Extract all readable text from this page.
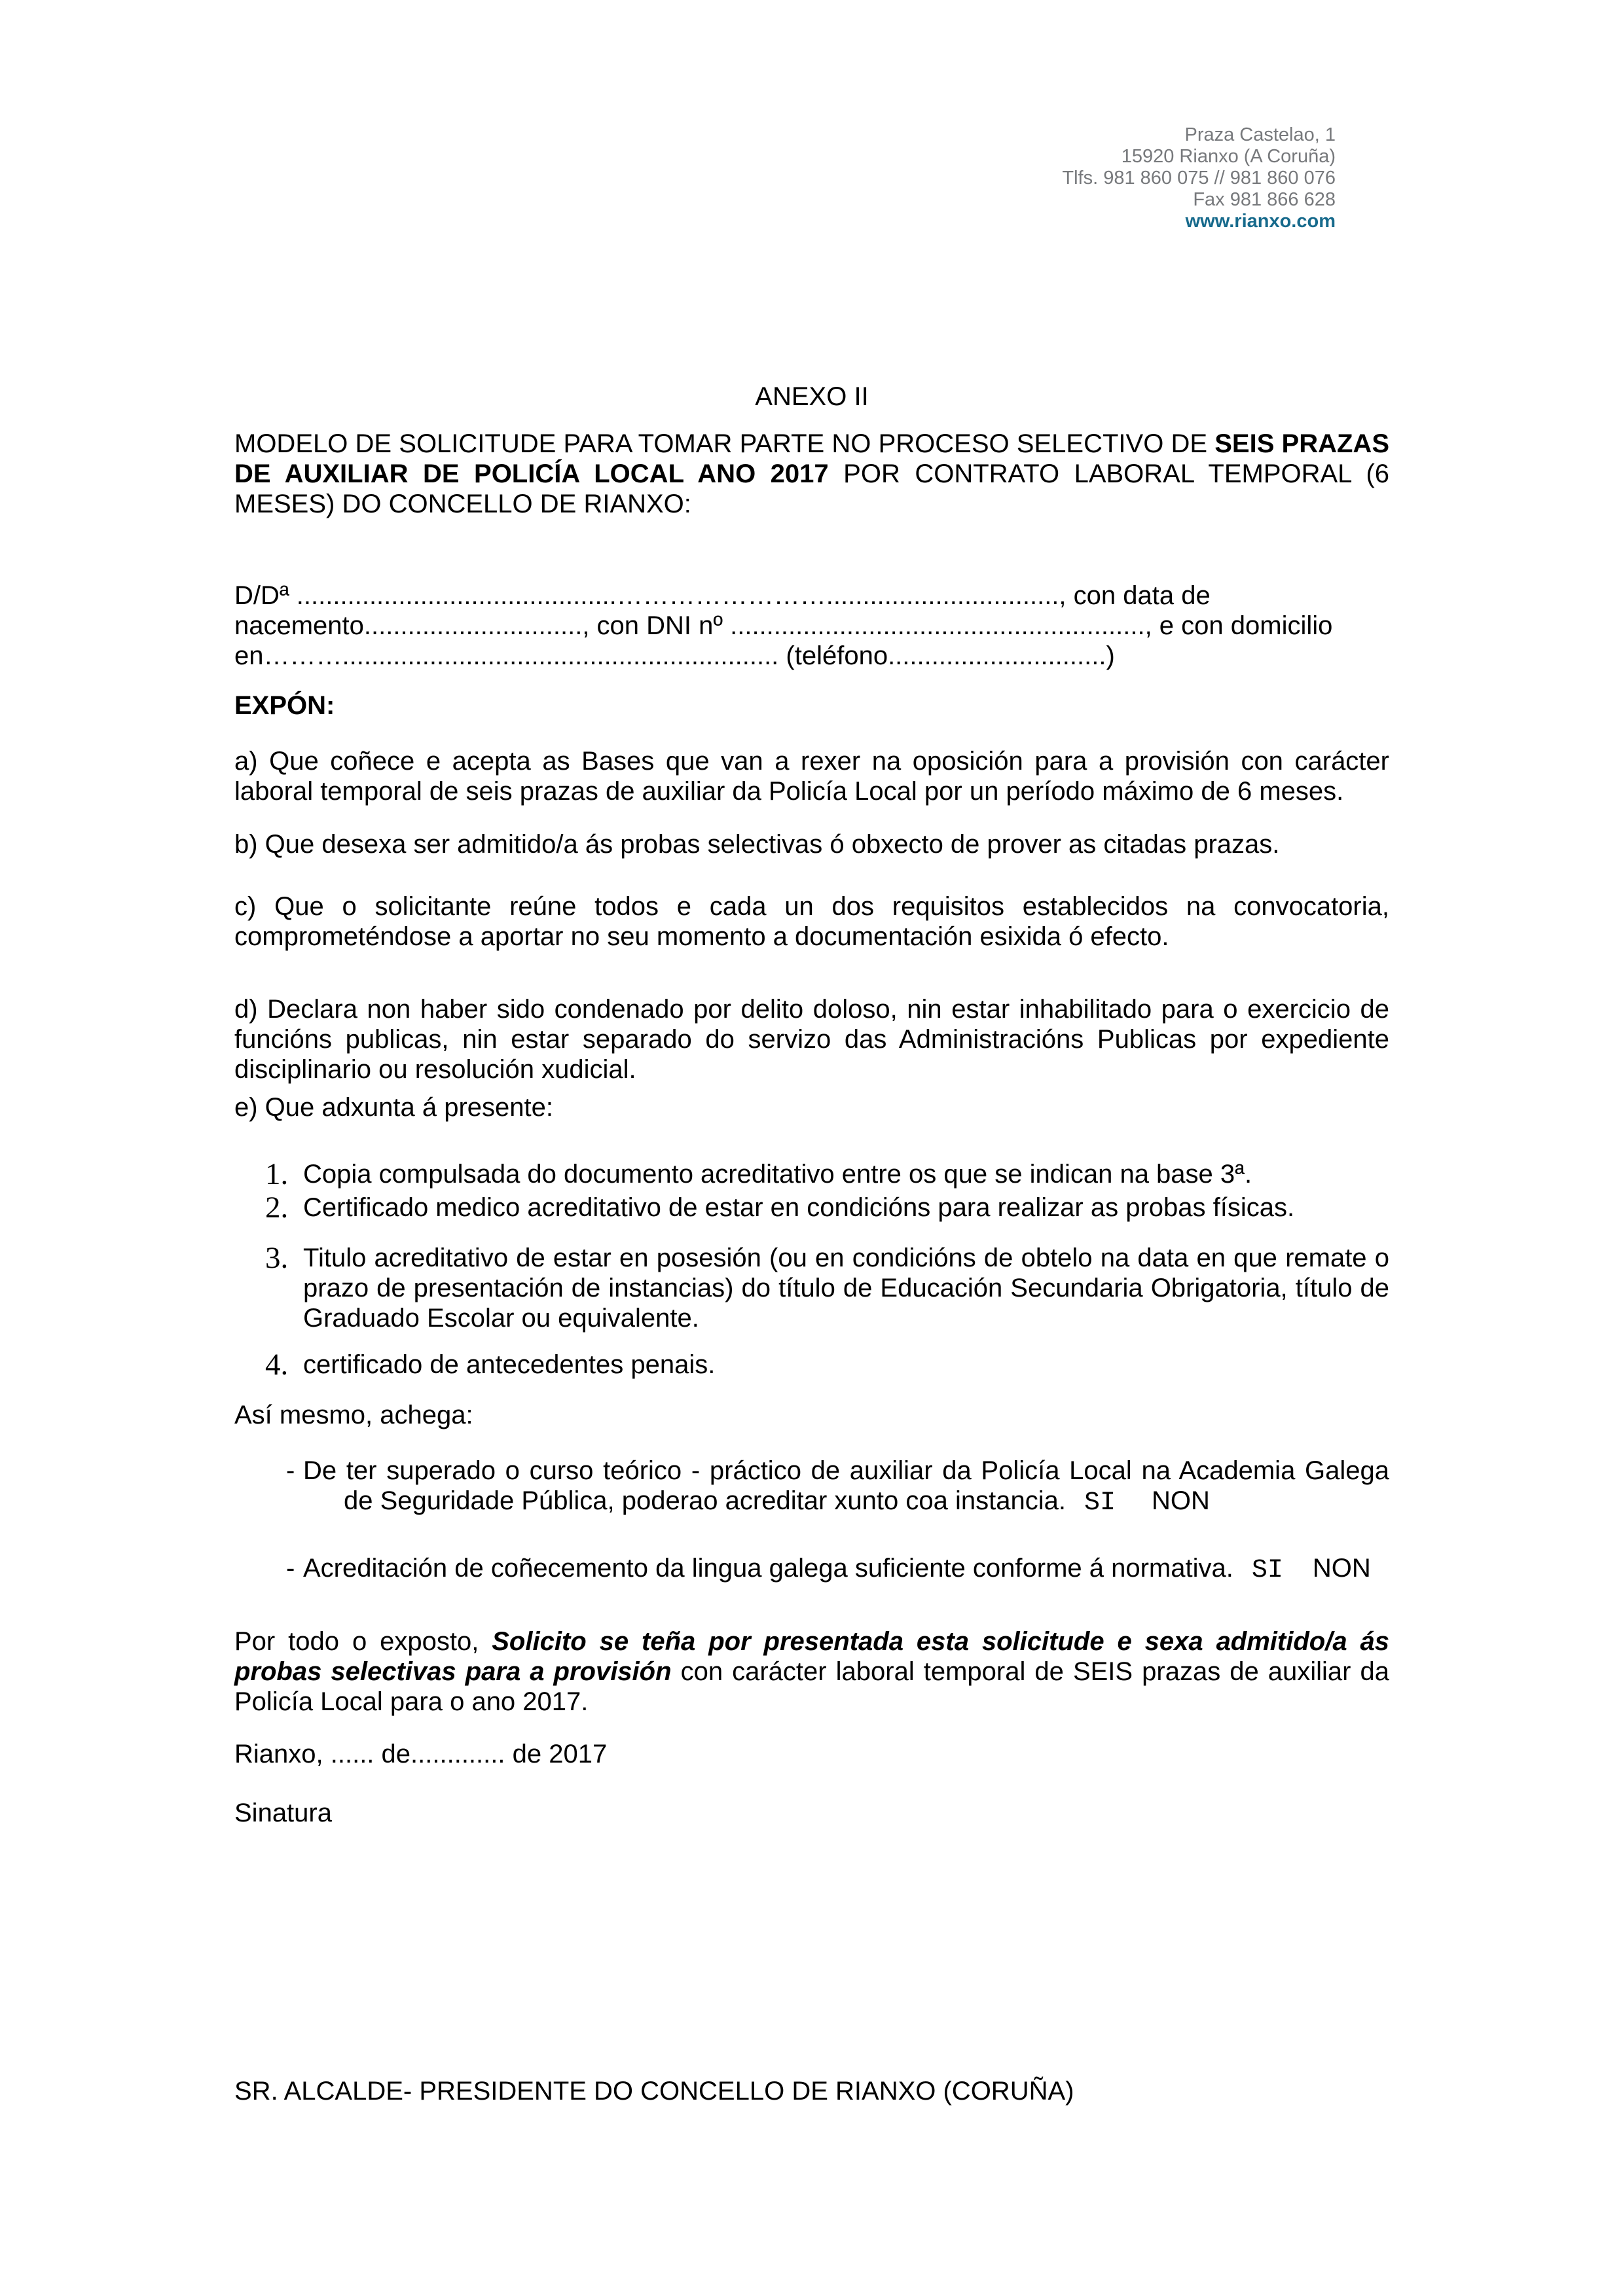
Praza Castelao, 1
15920 Rianxo (A Coruña)
Tlfs. 981 860 075 // 981 860 076
Fax 981 866 628
www.rianxo.com
ANEXO II

MODELO DE SOLICITUDE PARA TOMAR PARTE NO PROCESO SELECTIVO DE SEIS PRAZAS DE AUXILIAR DE POLICÍA LOCAL ANO 2017 POR CONTRATO LABORAL TEMPORAL (6 MESES) DO CONCELLO DE RIANXO:

D/Dª ............................................……………………................................, con data de
nacemento.............................., con DNI nº ........................................................., e con domicilio
en………............................................................ (teléfono..............................)
EXPÓN:

a) Que coñece e acepta as Bases que van a rexer na oposición para a provisión con carácter laboral temporal de seis prazas de auxiliar da Policía Local por un período máximo de 6 meses.

b) Que desexa ser admitido/a ás probas selectivas ó obxecto de prover as citadas prazas.

c) Que o solicitante reúne todos e cada un dos requisitos establecidos na convocatoria, comprometéndose a aportar no seu momento a documentación esixida ó efecto.

d) Declara non haber sido condenado por delito doloso, nin estar inhabilitado para o exercicio de funcións publicas, nin estar separado do servizo das Administracións Publicas por expediente disciplinario ou resolución xudicial.

e) Que adxunta á presente:

1. Copia compulsada do documento acreditativo entre os que se indican na base 3ª.
2. Certificado medico acreditativo de estar en condicións para realizar as probas físicas.
3. Titulo acreditativo de estar en posesión (ou en condicións de obtelo na data en que remate o prazo de presentación de instancias) do título de Educación Secundaria Obrigatoria, título de Graduado Escolar ou equivalente.
4. certificado de antecedentes penais.
Así mesmo, achega:
- De ter superado o curso teórico - práctico de auxiliar da Policía Local na Academia Galega de Seguridade Pública, poderao acreditar xunto coa instancia. SI NON
- Acreditación de coñecemento da lingua galega suficiente conforme á normativa. SI NON

Por todo o exposto, Solicito se teña por presentada esta solicitude e sexa admitido/a ás probas selectivas para a provisión con carácter laboral temporal de SEIS prazas de auxiliar da Policía Local para o ano 2017.

Rianxo, ...... de............. de 2017
Sinatura
SR. ALCALDE- PRESIDENTE DO CONCELLO DE RIANXO (CORUÑA)
